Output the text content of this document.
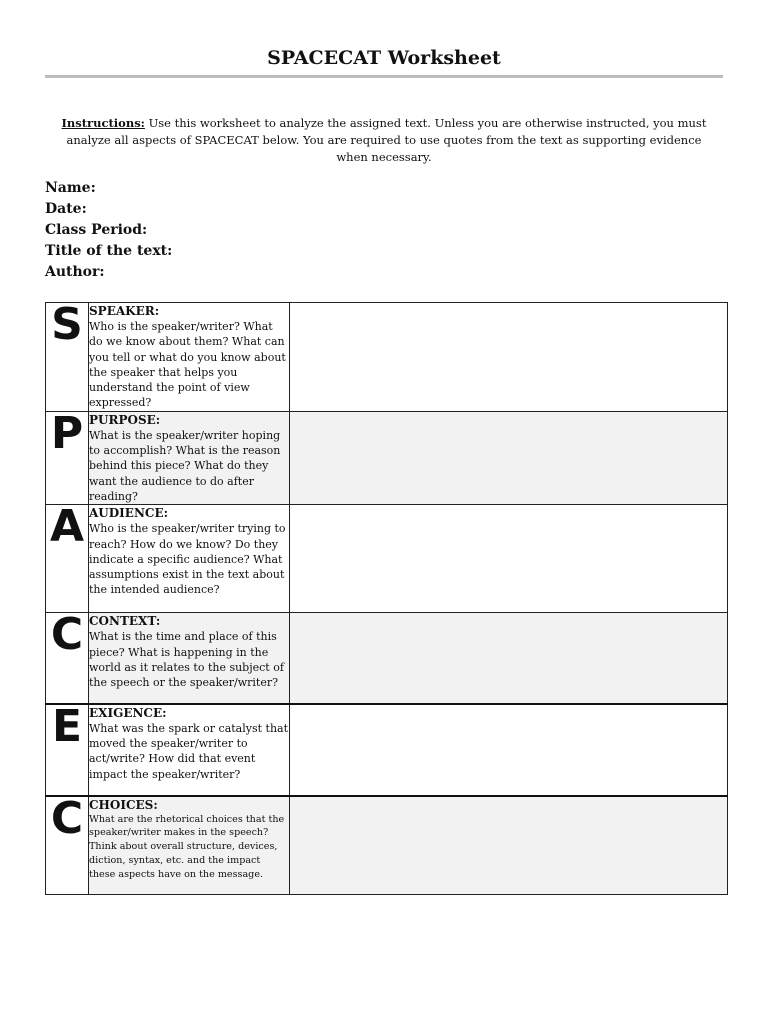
SPACECAT Worksheet
Instructions: Use this worksheet to analyze the assigned text. Unless you are otherwise instructed, you must analyze all aspects of SPACECAT below. You are required to use quotes from the text as supporting evidence when necessary.
Name:
Date:
Class Period:
Title of the text:
Author:
S	SPEAKER:
Who is the speaker/writer? What do we know about them? What can you tell or what do you know about the speaker that helps you understand the point of view expressed?	

P	PURPOSE:
What is the speaker/writer hoping to accomplish? What is the reason behind this piece? What do they want the audience to do after reading?	

A	AUDIENCE:
Who is the speaker/writer trying to reach? How do we know? Do they indicate a specific audience? What assumptions exist in the text about the intended audience?	

C	CONTEXT:
What is the time and place of this piece? What is happening in the world as it relates to the subject of the speech or the speaker/writer?	

E	EXIGENCE:
What was the spark or catalyst that moved the speaker/writer to act/write? How did that event impact the speaker/writer?	

C	CHOICES:
What are the rhetorical choices that the speaker/writer makes in the speech? Think about overall structure, devices, diction, syntax, etc. and the impact these aspects have on the message.	
